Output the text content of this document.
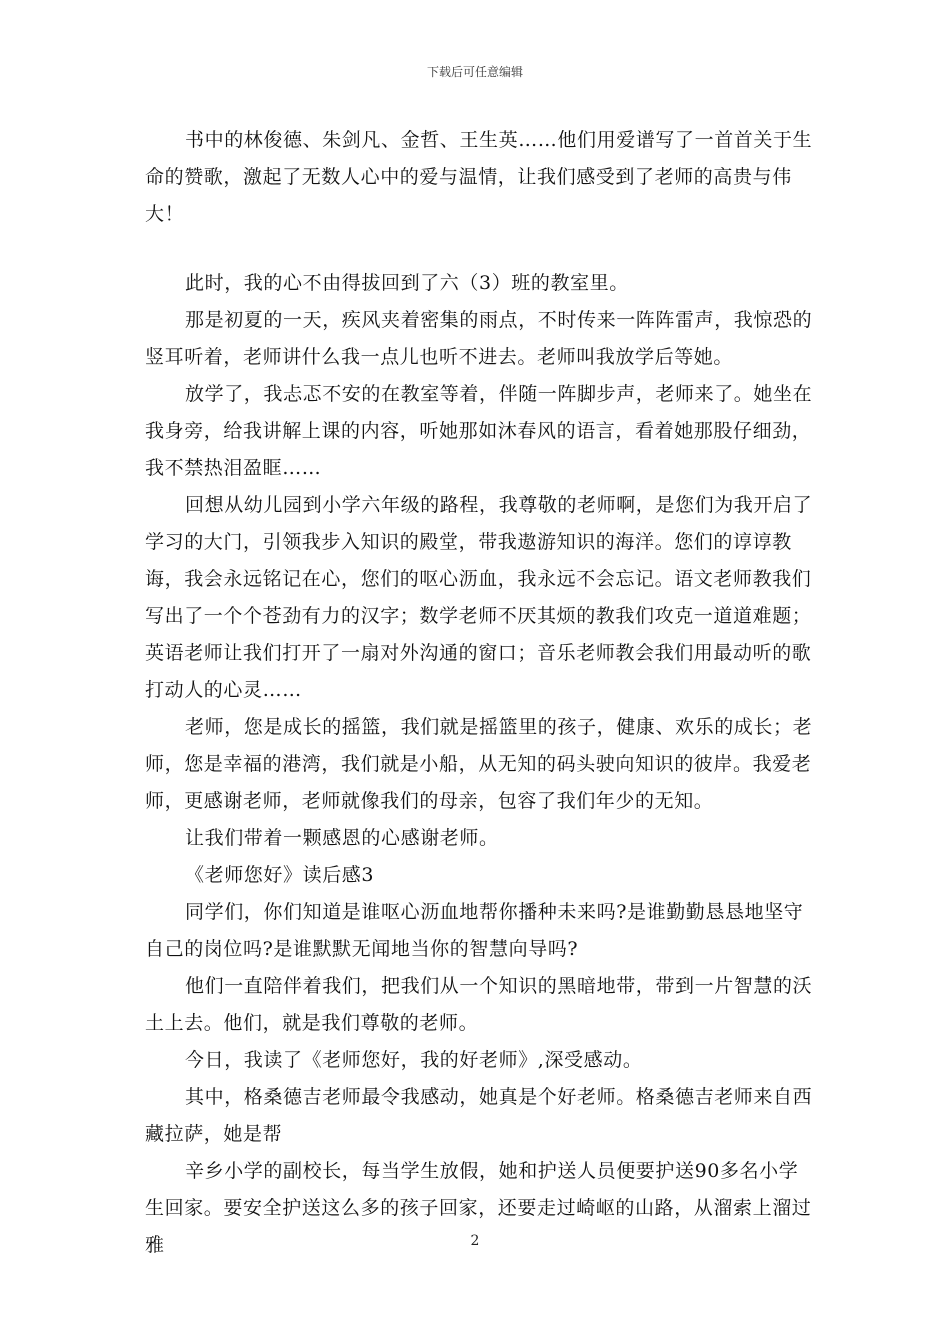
下载后可任意编辑

书中的林俊德、朱剑凡、金哲、王生英……他们用爱谱写了一首首关于生命的赞歌，激起了无数人心中的爱与温情，让我们感受到了老师的高贵与伟大！

此时，我的心不由得拔回到了六（3）班的教室里。

那是初夏的一天，疾风夹着密集的雨点，不时传来一阵阵雷声，我惊恐的竖耳听着，老师讲什么我一点儿也听不进去。老师叫我放学后等她。

放学了，我忐忑不安的在教室等着，伴随一阵脚步声，老师来了。她坐在我身旁，给我讲解上课的内容，听她那如沐春风的语言，看着她那股仔细劲，我不禁热泪盈眶……

回想从幼儿园到小学六年级的路程，我尊敬的老师啊，是您们为我开启了学习的大门，引领我步入知识的殿堂，带我遨游知识的海洋。您们的谆谆教诲，我会永远铭记在心，您们的呕心沥血，我永远不会忘记。语文老师教我们写出了一个个苍劲有力的汉字；数学老师不厌其烦的教我们攻克一道道难题；英语老师让我们打开了一扇对外沟通的窗口；音乐老师教会我们用最动听的歌打动人的心灵……

老师，您是成长的摇篮，我们就是摇篮里的孩子，健康、欢乐的成长；老师，您是幸福的港湾，我们就是小船，从无知的码头驶向知识的彼岸。我爱老师，更感谢老师，老师就像我们的母亲，包容了我们年少的无知。

让我们带着一颗感恩的心感谢老师。

《老师您好》读后感3

同学们，你们知道是谁呕心沥血地帮你播种未来吗?是谁勤勤恳恳地坚守自己的岗位吗?是谁默默无闻地当你的智慧向导吗?

他们一直陪伴着我们，把我们从一个知识的黑暗地带，带到一片智慧的沃土上去。他们，就是我们尊敬的老师。

今日，我读了《老师您好，我的好老师》,深受感动。

其中，格桑德吉老师最令我感动，她真是个好老师。格桑德吉老师来自西藏拉萨，她是帮

辛乡小学的副校长，每当学生放假，她和护送人员便要护送90多名小学生回家。要安全护送这么多的孩子回家，还要走过崎岖的山路，从溜索上溜过雅	2
